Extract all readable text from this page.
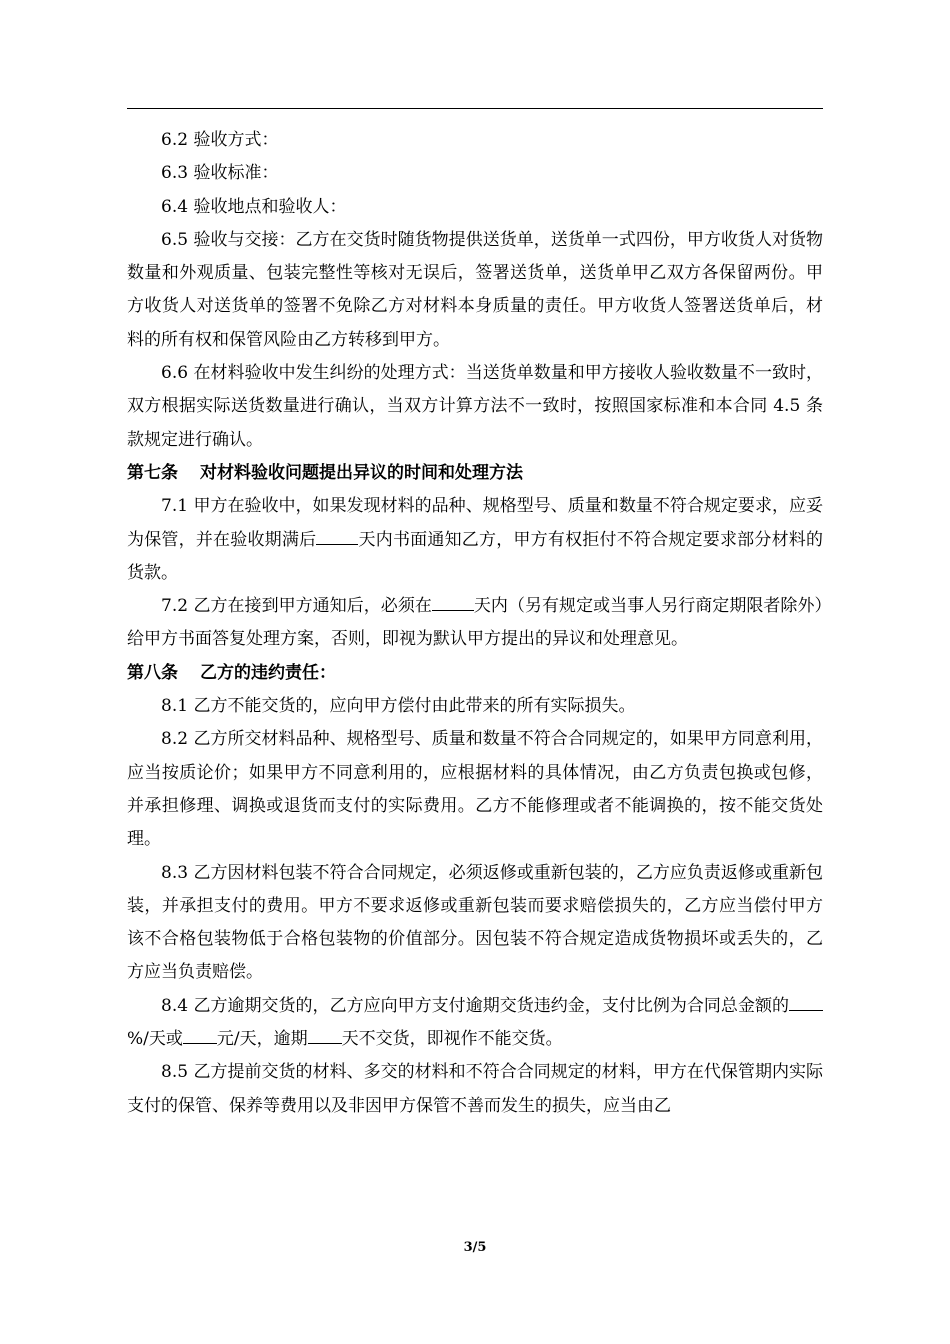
6.2 验收方式：

6.3 验收标准：

6.4 验收地点和验收人：

6.5 验收与交接：乙方在交货时随货物提供送货单，送货单一式四份，甲方收货人对货物数量和外观质量、包装完整性等核对无误后，签署送货单，送货单甲乙双方各保留两份。甲方收货人对送货单的签署不免除乙方对材料本身质量的责任。甲方收货人签署送货单后，材料的所有权和保管风险由乙方转移到甲方。

6.6 在材料验收中发生纠纷的处理方式：当送货单数量和甲方接收人验收数量不一致时，双方根据实际送货数量进行确认，当双方计算方法不一致时，按照国家标准和本合同 4.5 条款规定进行确认。

第七条 对材料验收问题提出异议的时间和处理方法

7.1 甲方在验收中，如果发现材料的品种、规格型号、质量和数量不符合规定要求，应妥为保管，并在验收期满后 天内书面通知乙方，甲方有权拒付不符合规定要求部分材料的货款。

7.2 乙方在接到甲方通知后，必须在 天内（另有规定或当事人另行商定期限者除外）给甲方书面答复处理方案，否则，即视为默认甲方提出的异议和处理意见。

第八条 乙方的违约责任：

8.1 乙方不能交货的，应向甲方偿付由此带来的所有实际损失。

8.2 乙方所交材料品种、规格型号、质量和数量不符合合同规定的，如果甲方同意利用，应当按质论价；如果甲方不同意利用的，应根据材料的具体情况，由乙方负责包换或包修，并承担修理、调换或退货而支付的实际费用。乙方不能修理或者不能调换的，按不能交货处理。

8.3 乙方因材料包装不符合合同规定，必须返修或重新包装的，乙方应负责返修或重新包装，并承担支付的费用。甲方不要求返修或重新包装而要求赔偿损失的，乙方应当偿付甲方该不合格包装物低于合格包装物的价值部分。因包装不符合规定造成货物损坏或丢失的，乙方应当负责赔偿。

8.4 乙方逾期交货的，乙方应向甲方支付逾期交货违约金，支付比例为合同总金额的%/天或 元/天，逾期 天不交货，即视作不能交货。

8.5 乙方提前交货的材料、多交的材料和不符合合同规定的材料，甲方在代保管期内实际支付的保管、保养等费用以及非因甲方保管不善而发生的损失，应当由乙

3/5
